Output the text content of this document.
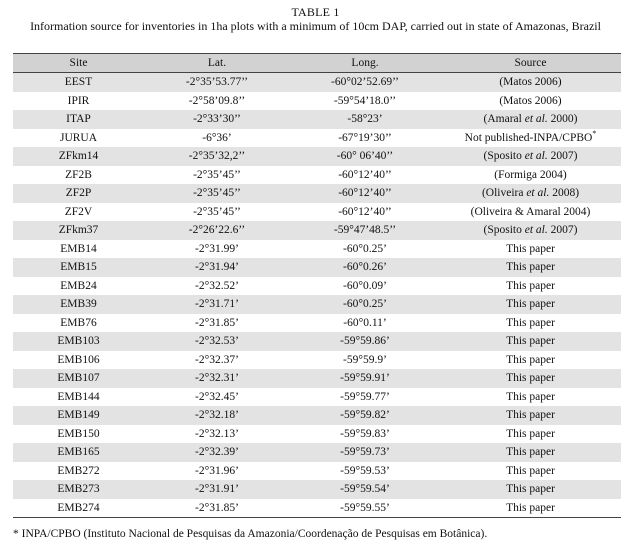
TABLE 1
Information source for inventories in 1ha plots with a minimum of 10cm DAP, carried out in state of Amazonas, Brazil
Site	Lat.	Long.	Source
EEST	-2°35’53.77’’	-60°02’52.69’’	(Matos 2006)
IPIR	-2°58’09.8’’	-59°54’18.0’’	(Matos 2006)
ITAP	-2°33’30’’	-58°23’	(Amaral et al. 2000)
JURUA	-6°36’	-67°19’30’’	Not published-INPA/CPBO*
ZFkm14	-2°35’32,2’’	-60° 06’40’’	(Sposito et al. 2007)
ZF2B	-2°35’45’’	-60°12’40’’	(Formiga 2004)
ZF2P	-2°35’45’’	-60°12’40’’	(Oliveira et al. 2008)
ZF2V	-2°35’45’’	-60°12’40’’	(Oliveira & Amaral 2004)
ZFkm37	-2°26’22.6’’	-59°47’48.5’’	(Sposito et al. 2007)
EMB14	-2°31.99’	-60°0.25’	This paper
EMB15	-2°31.94’	-60°0.26’	This paper
EMB24	-2°32.52’	-60°0.09’	This paper
EMB39	-2°31.71’	-60°0.25’	This paper
EMB76	-2°31.85’	-60°0.11’	This paper
EMB103	-2°32.53’	-59°59.86’	This paper
EMB106	-2°32.37’	-59°59.9’	This paper
EMB107	-2°32.31’	-59°59.91’	This paper
EMB144	-2°32.45’	-59°59.77’	This paper
EMB149	-2°32.18’	-59°59.82’	This paper
EMB150	-2°32.13’	-59°59.83’	This paper
EMB165	-2°32.39’	-59°59.73’	This paper
EMB272	-2°31.96’	-59°59.53’	This paper
EMB273	-2°31.91’	-59°59.54’	This paper
EMB274	-2°31.85’	-59°59.55’	This paper
* INPA/CPBO (Instituto Nacional de Pesquisas da Amazonia/Coordenação de Pesquisas em Botânica).
